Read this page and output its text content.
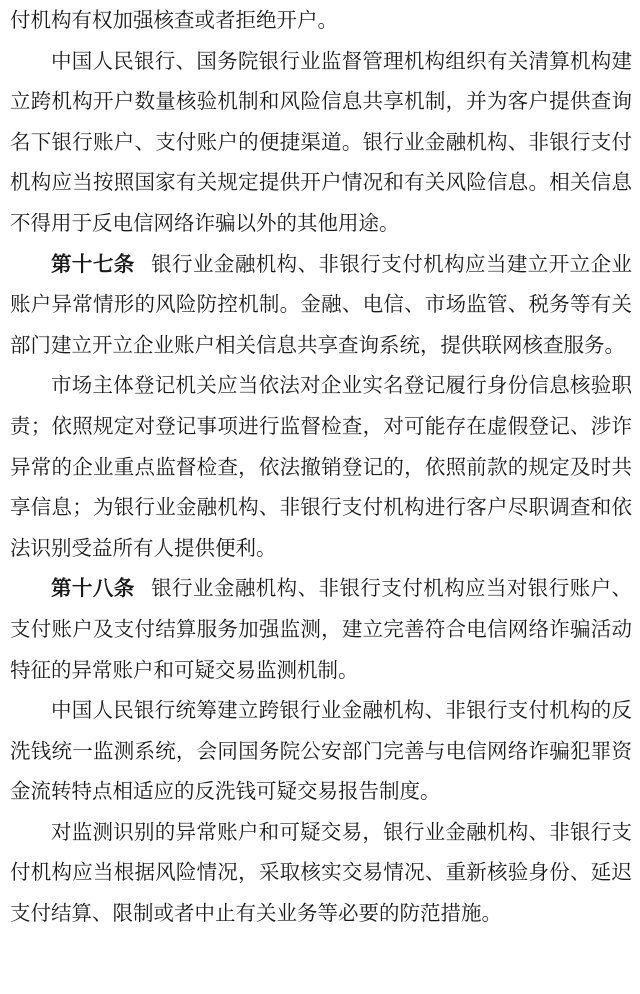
付机构有权加强核查或者拒绝开户。

中国人民银行、国务院银行业监督管理机构组织有关清算机构建立跨机构开户数量核验机制和风险信息共享机制，并为客户提供查询名下银行账户、支付账户的便捷渠道。银行业金融机构、非银行支付机构应当按照国家有关规定提供开户情况和有关风险信息。相关信息不得用于反电信网络诈骗以外的其他用途。

第十七条 银行业金融机构、非银行支付机构应当建立开立企业账户异常情形的风险防控机制。金融、电信、市场监管、税务等有关部门建立开立企业账户相关信息共享查询系统，提供联网核查服务。

市场主体登记机关应当依法对企业实名登记履行身份信息核验职责；依照规定对登记事项进行监督检查，对可能存在虚假登记、涉诈异常的企业重点监督检查，依法撤销登记的，依照前款的规定及时共享信息；为银行业金融机构、非银行支付机构进行客户尽职调查和依法识别受益所有人提供便利。

第十八条 银行业金融机构、非银行支付机构应当对银行账户、支付账户及支付结算服务加强监测，建立完善符合电信网络诈骗活动特征的异常账户和可疑交易监测机制。

中国人民银行统筹建立跨银行业金融机构、非银行支付机构的反洗钱统一监测系统，会同国务院公安部门完善与电信网络诈骗犯罪资金流转特点相适应的反洗钱可疑交易报告制度。

对监测识别的异常账户和可疑交易，银行业金融机构、非银行支付机构应当根据风险情况，采取核实交易情况、重新核验身份、延迟支付结算、限制或者中止有关业务等必要的防范措施。
